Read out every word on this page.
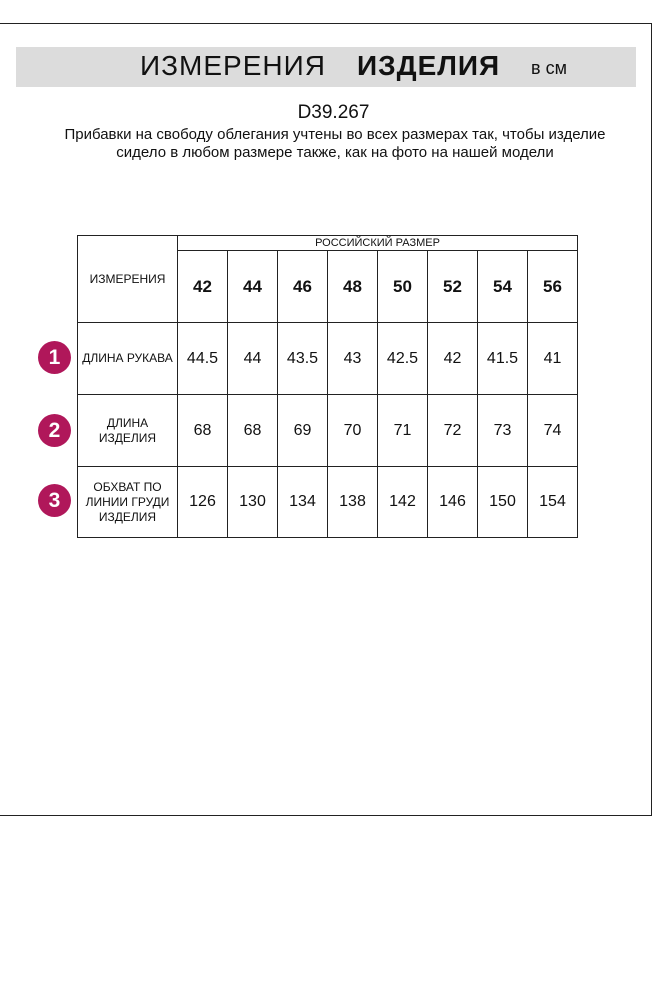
ИЗМЕРЕНИЯ ИЗДЕЛИЯ в см
D39.267
Прибавки на свободу облегания учтены во всех размерах так, чтобы изделие сидело в любом размере также, как на фото на нашей модели
ИЗМЕРЕНИЯ	РОССИЙСКИЙ РАЗМЕР							
	42	44	46	48	50	52	54	56
ДЛИНА РУКАВА	44.5	44	43.5	43	42.5	42	41.5	41
ДЛИНА ИЗДЕЛИЯ	68	68	69	70	71	72	73	74
ОБХВАТ ПО ЛИНИИ ГРУДИ ИЗДЕЛИЯ	126	130	134	138	142	146	150	154
1
2
3
